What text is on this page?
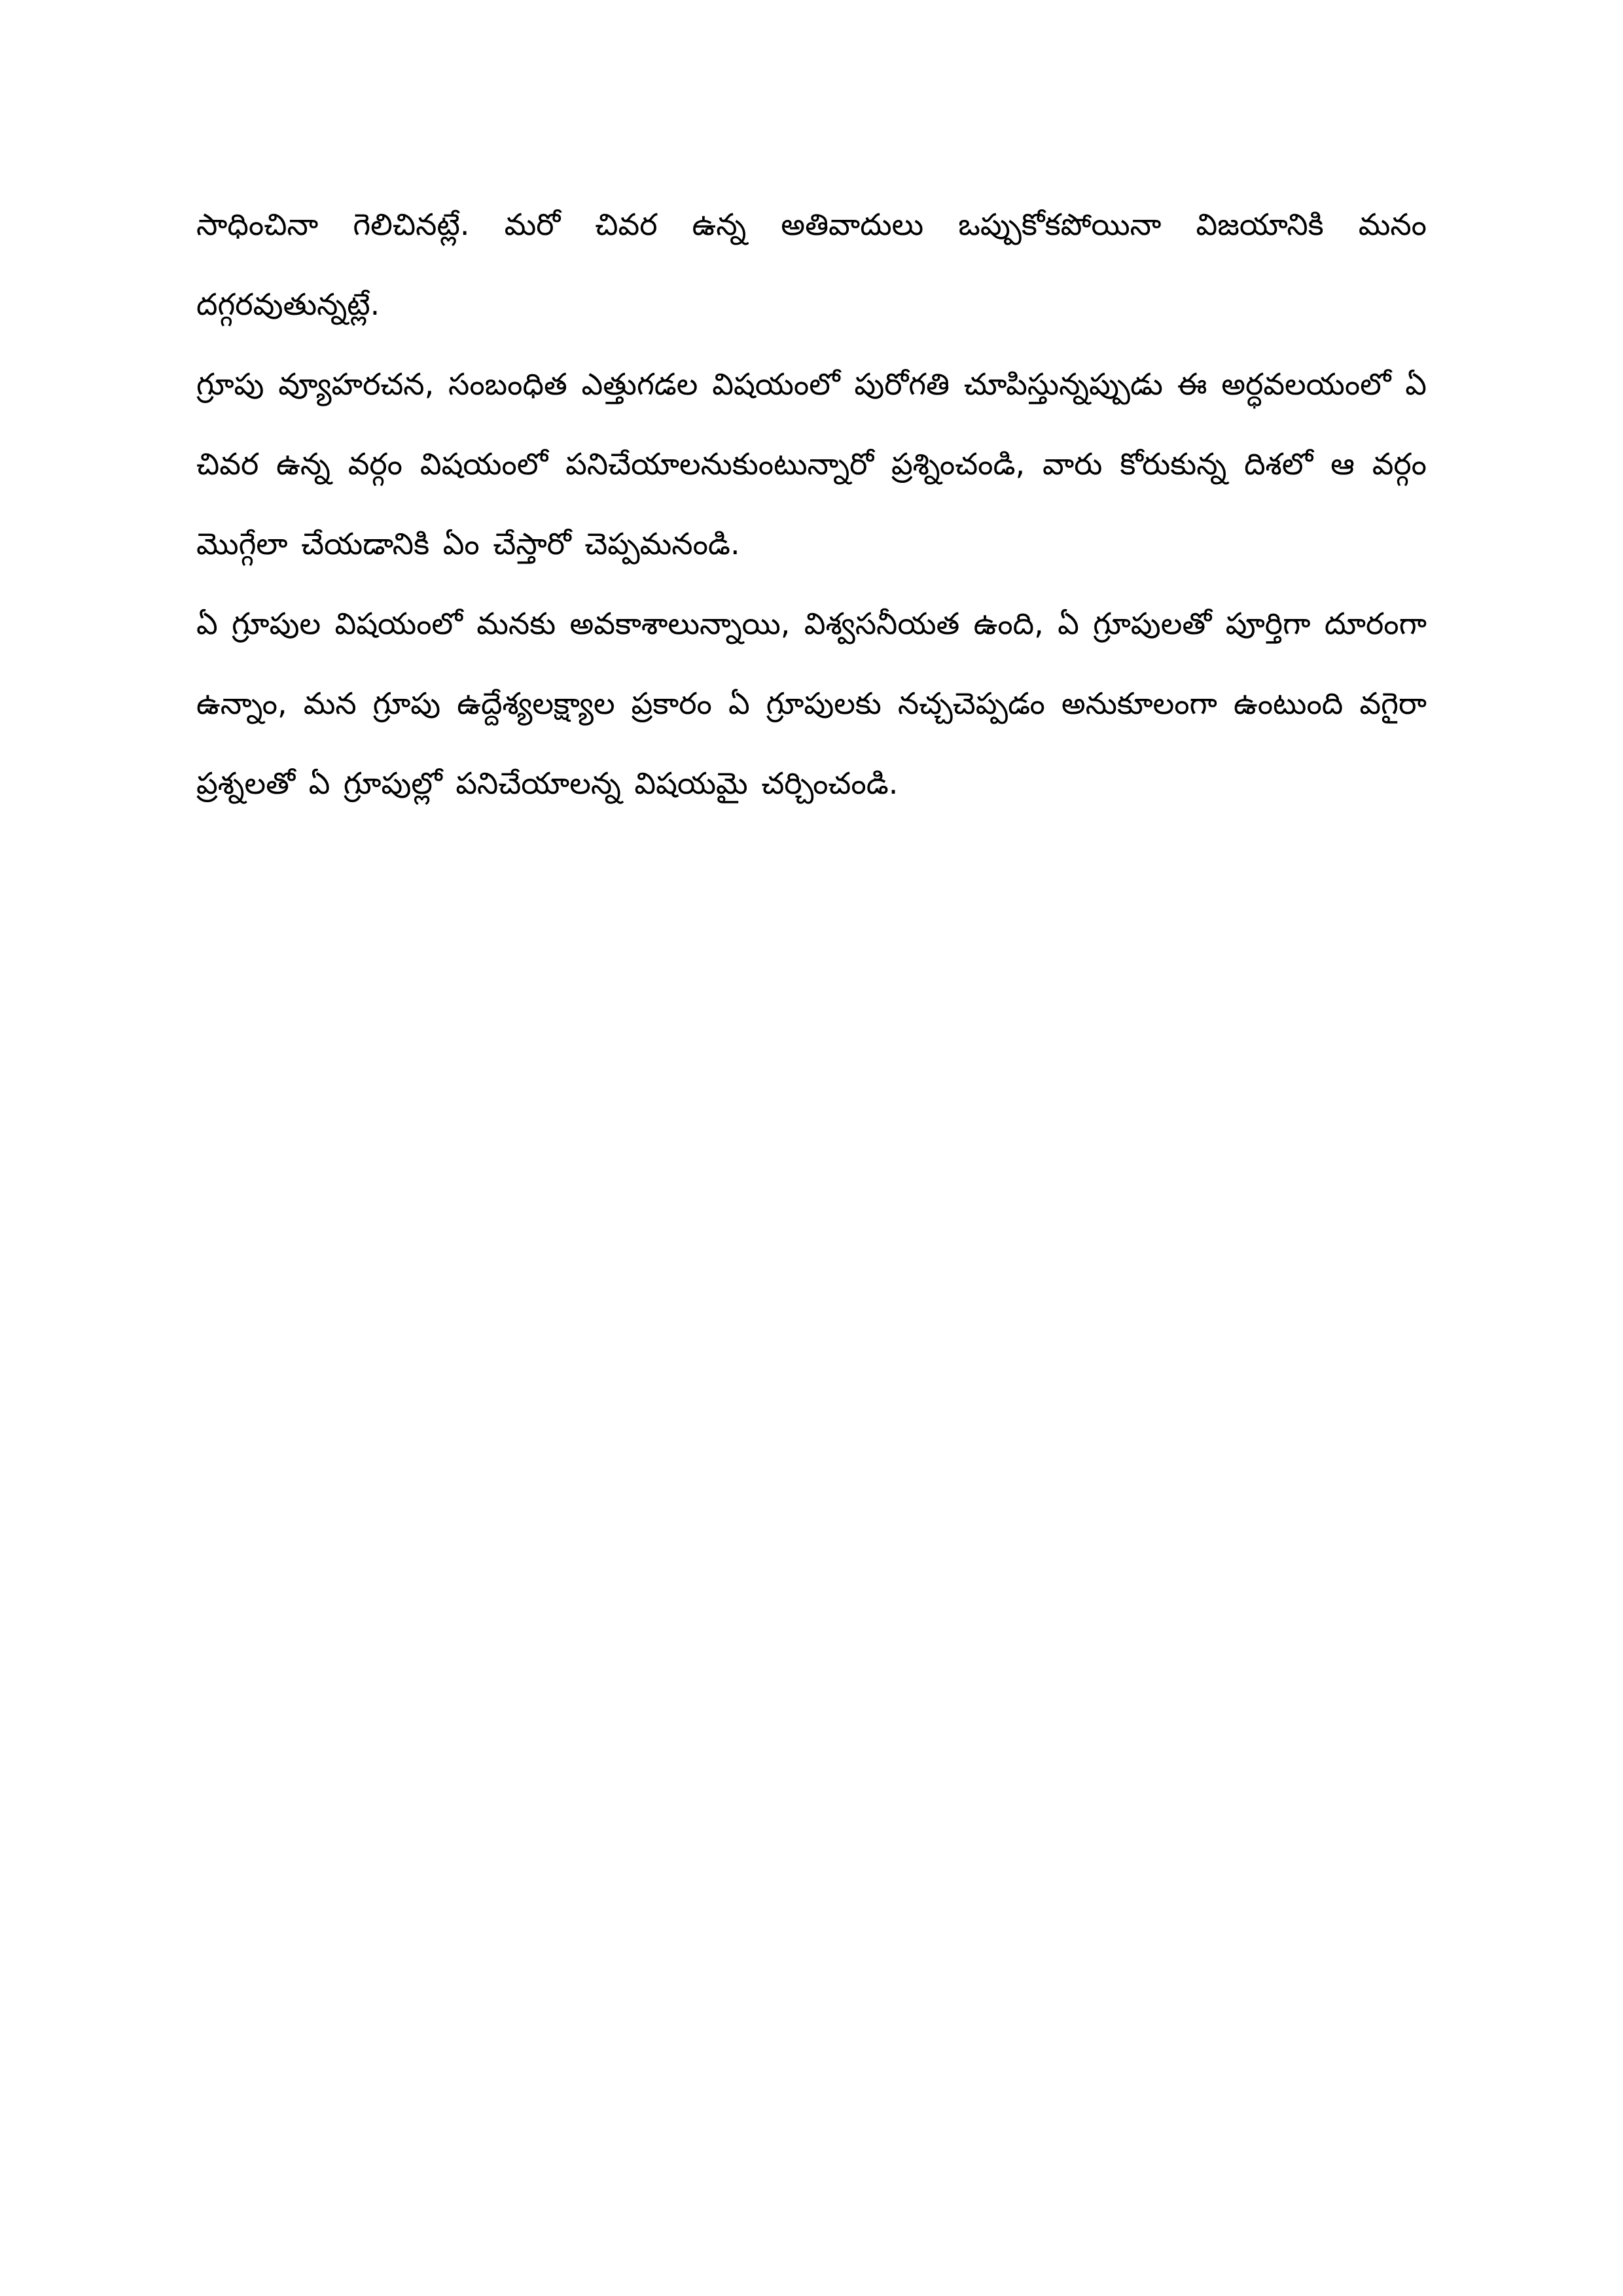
సాధించినా గెలిచినట్లే. మరో చివర ఉన్న అతివాదులు ఒప్పుకోకపోయినా విజయానికి మనం దగ్గరవుతున్నట్లే.

గ్రూపు వ్యూహరచన, సంబంధిత ఎత్తుగడల విషయంలో పురోగతి చూపిస్తున్నప్పుడు ఈ అర్ధవలయంలో ఏ చివర ఉన్న వర్గం విషయంలో పనిచేయాలనుకుంటున్నారో ప్రశ్నించండి, వారు కోరుకున్న దిశలో ఆ వర్గం మొగ్గేలా చేయడానికి ఏం చేస్తారో చెప్పమనండి.

ఏ గ్రూపుల విషయంలో మనకు అవకాశాలున్నాయి, విశ్వసనీయత ఉంది, ఏ గ్రూపులతో పూర్తిగా దూరంగా ఉన్నాం, మన గ్రూపు ఉద్దేశ్యలక్ష్యాల ప్రకారం ఏ గ్రూపులకు నచ్చచెప్పడం అనుకూలంగా ఉంటుంది వగైరా ప్రశ్నలతో ఏ గ్రూపుల్లో పనిచేయాలన్న విషయమై చర్చించండి.
